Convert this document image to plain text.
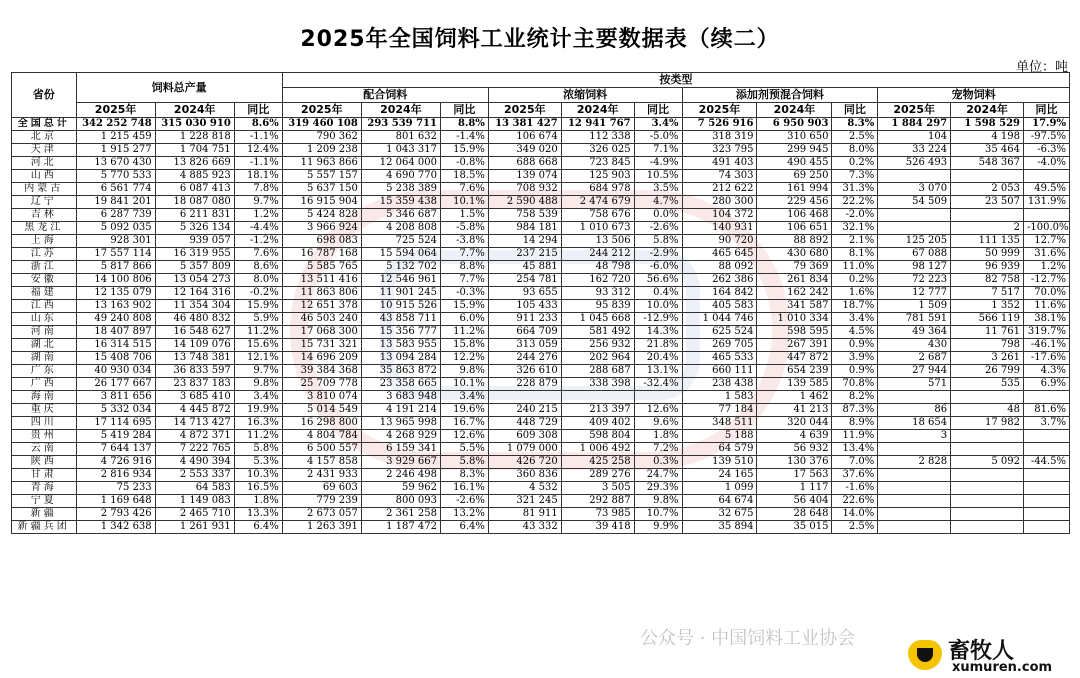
2025年全国饲料工业统计主要数据表（续二）
单位：吨
省份	饲料总产量			按类型											
				配合饲料			浓缩饲料			添加剂预混合饲料			宠物饲料		
	2025年	2024年	同比	2025年	2024年	同比	2025年	2024年	同比	2025年	2024年	同比	2025年	2024年	同比
全国总计	342 252 748	315 030 910	8.6%	319 460 108	293 539 711	8.8%	13 381 427	12 941 767	3.4%	7 526 916	6 950 903	8.3%	1 884 297	1 598 529	17.9%
北京	1 215 459	1 228 818	-1.1%	790 362	801 632	-1.4%	106 674	112 338	-5.0%	318 319	310 650	2.5%	104	4 198	-97.5%
天津	1 915 277	1 704 751	12.4%	1 209 238	1 043 317	15.9%	349 020	326 025	7.1%	323 795	299 945	8.0%	33 224	35 464	-6.3%
河北	13 670 430	13 826 669	-1.1%	11 963 866	12 064 000	-0.8%	688 668	723 845	-4.9%	491 403	490 455	0.2%	526 493	548 367	-4.0%
山西	5 770 533	4 885 923	18.1%	5 557 157	4 690 770	18.5%	139 074	125 903	10.5%	74 303	69 250	7.3%			
内蒙古	6 561 774	6 087 413	7.8%	5 637 150	5 238 389	7.6%	708 932	684 978	3.5%	212 622	161 994	31.3%	3 070	2 053	49.5%
辽宁	19 841 201	18 087 080	9.7%	16 915 904	15 359 438	10.1%	2 590 488	2 474 679	4.7%	280 300	229 456	22.2%	54 509	23 507	131.9%
吉林	6 287 739	6 211 831	1.2%	5 424 828	5 346 687	1.5%	758 539	758 676	0.0%	104 372	106 468	-2.0%			
黑龙江	5 092 035	5 326 134	-4.4%	3 966 924	4 208 808	-5.8%	984 181	1 010 673	-2.6%	140 931	106 651	32.1%		2	-100.0%
上海	928 301	939 057	-1.2%	698 083	725 524	-3.8%	14 294	13 506	5.8%	90 720	88 892	2.1%	125 205	111 135	12.7%
江苏	17 557 114	16 319 955	7.6%	16 787 168	15 594 064	7.7%	237 215	244 212	-2.9%	465 645	430 680	8.1%	67 088	50 999	31.6%
浙江	5 817 866	5 357 809	8.6%	5 585 765	5 132 702	8.8%	45 881	48 798	-6.0%	88 092	79 369	11.0%	98 127	96 939	1.2%
安徽	14 100 806	13 054 273	8.0%	13 511 416	12 546 961	7.7%	254 781	162 720	56.6%	262 386	261 834	0.2%	72 223	82 758	-12.7%
福建	12 135 079	12 164 316	-0.2%	11 863 806	11 901 245	-0.3%	93 655	93 312	0.4%	164 842	162 242	1.6%	12 777	7 517	70.0%
江西	13 163 902	11 354 304	15.9%	12 651 378	10 915 526	15.9%	105 433	95 839	10.0%	405 583	341 587	18.7%	1 509	1 352	11.6%
山东	49 240 808	46 480 832	5.9%	46 503 240	43 858 711	6.0%	911 233	1 045 668	-12.9%	1 044 746	1 010 334	3.4%	781 591	566 119	38.1%
河南	18 407 897	16 548 627	11.2%	17 068 300	15 356 777	11.2%	664 709	581 492	14.3%	625 524	598 595	4.5%	49 364	11 761	319.7%
湖北	16 314 515	14 109 076	15.6%	15 731 321	13 583 955	15.8%	313 059	256 932	21.8%	269 705	267 391	0.9%	430	798	-46.1%
湖南	15 408 706	13 748 381	12.1%	14 696 209	13 094 284	12.2%	244 276	202 964	20.4%	465 533	447 872	3.9%	2 687	3 261	-17.6%
广东	40 930 034	36 833 597	9.7%	39 384 368	35 863 872	9.8%	326 610	288 687	13.1%	660 111	654 239	0.9%	27 944	26 799	4.3%
广西	26 177 667	23 837 183	9.8%	25 709 778	23 358 665	10.1%	228 879	338 398	-32.4%	238 438	139 585	70.8%	571	535	6.9%
海南	3 811 656	3 685 410	3.4%	3 810 074	3 683 948	3.4%				1 583	1 462	8.2%			
重庆	5 332 034	4 445 872	19.9%	5 014 549	4 191 214	19.6%	240 215	213 397	12.6%	77 184	41 213	87.3%	86	48	81.6%
四川	17 114 695	14 713 427	16.3%	16 298 800	13 965 998	16.7%	448 729	409 402	9.6%	348 511	320 044	8.9%	18 654	17 982	3.7%
贵州	5 419 284	4 872 371	11.2%	4 804 784	4 268 929	12.6%	609 308	598 804	1.8%	5 188	4 639	11.9%	3		
云南	7 644 137	7 222 765	5.8%	6 500 557	6 159 341	5.5%	1 079 000	1 006 492	7.2%	64 579	56 932	13.4%			
陕西	4 726 916	4 490 394	5.3%	4 157 858	3 929 667	5.8%	426 720	425 258	0.3%	139 510	130 376	7.0%	2 828	5 092	-44.5%
甘肃	2 816 934	2 553 337	10.3%	2 431 933	2 246 498	8.3%	360 836	289 276	24.7%	24 165	17 563	37.6%			
青海	75 233	64 583	16.5%	69 603	59 962	16.1%	4 532	3 505	29.3%	1 099	1 117	-1.6%			
宁夏	1 169 648	1 149 083	1.8%	779 239	800 093	-2.6%	321 245	292 887	9.8%	64 674	56 404	22.6%			
新疆	2 793 426	2 465 710	13.3%	2 673 057	2 361 258	13.2%	81 911	73 985	10.7%	32 675	28 648	14.0%			
新疆兵团	1 342 638	1 261 931	6.4%	1 263 391	1 187 472	6.4%	43 332	39 418	9.9%	35 894	35 015	2.5%			
公众号 · 中国饲料工业协会
畜牧人
xumuren.com
